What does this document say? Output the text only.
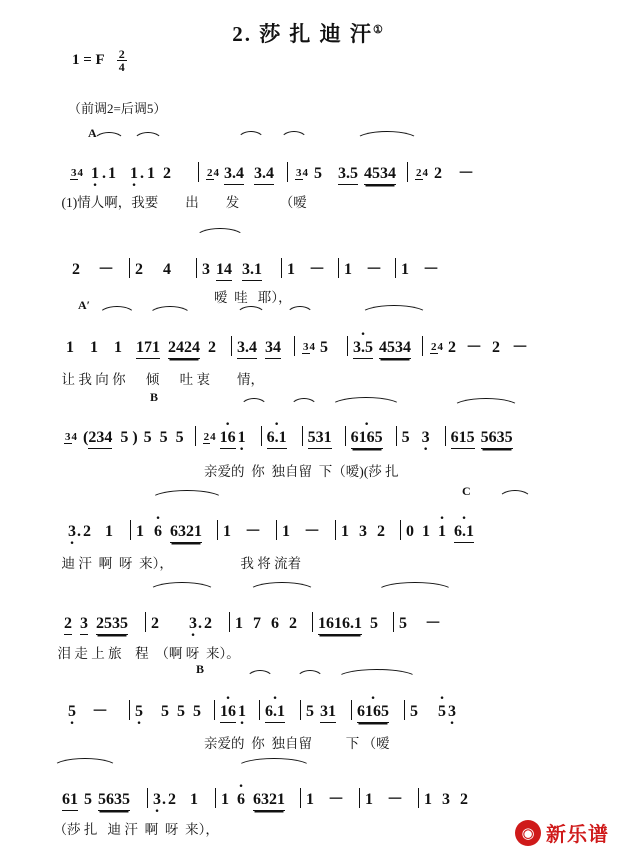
2. 莎 扎 迪 汗①
1 = F $\frac{2}{4}$
（前调2=后调5）
A

34 1 · . 1 1 · . 1 2	24 3.4 3.4 34 5 3.5 4534 24 2 －

(1)情人啊，我要        出        发            （嗳

2 － 2 4 3 14 3.1 1 － 1 － 1 －

嗳  哇   耶），

A′

1 1 1 171 2424 2 3.4 34 34 5 · 3.5 4534 24 2 － 2 －

让 我 向 你      倾      吐 衷        情，

B

34 (234 5 ) 5 5 5 24 · 16 1 · · 6.1 531 · 6165 5 3 · 615 5635

亲爱的  你  独自留  下（嗳)(莎 扎

C

3 ·. 2 1 1 · 6 6321 1 － 1 － 1 3 2 0 1 · 1 · 6.1

迪 汗  啊  呀  来），                    我 将 流着

2 3 2535 2 3 ·. 2 1 7 6 2 1616.1 5 5 －

泪 走 上 旅    程  （啊 呀  来）。

B

5 · － 5 · 5 5 5 · 16 1 · · 6.1 5 31 · 6165 5 · 5 3 ·

亲爱的  你  独自留          下 （嗳

61 5 5635 3 ·. 2 1 1 · 6 6321 1 － 1 － 1 3 2

（莎 扎   迪 汗  啊  呀  来），
	◉ 新乐谱
